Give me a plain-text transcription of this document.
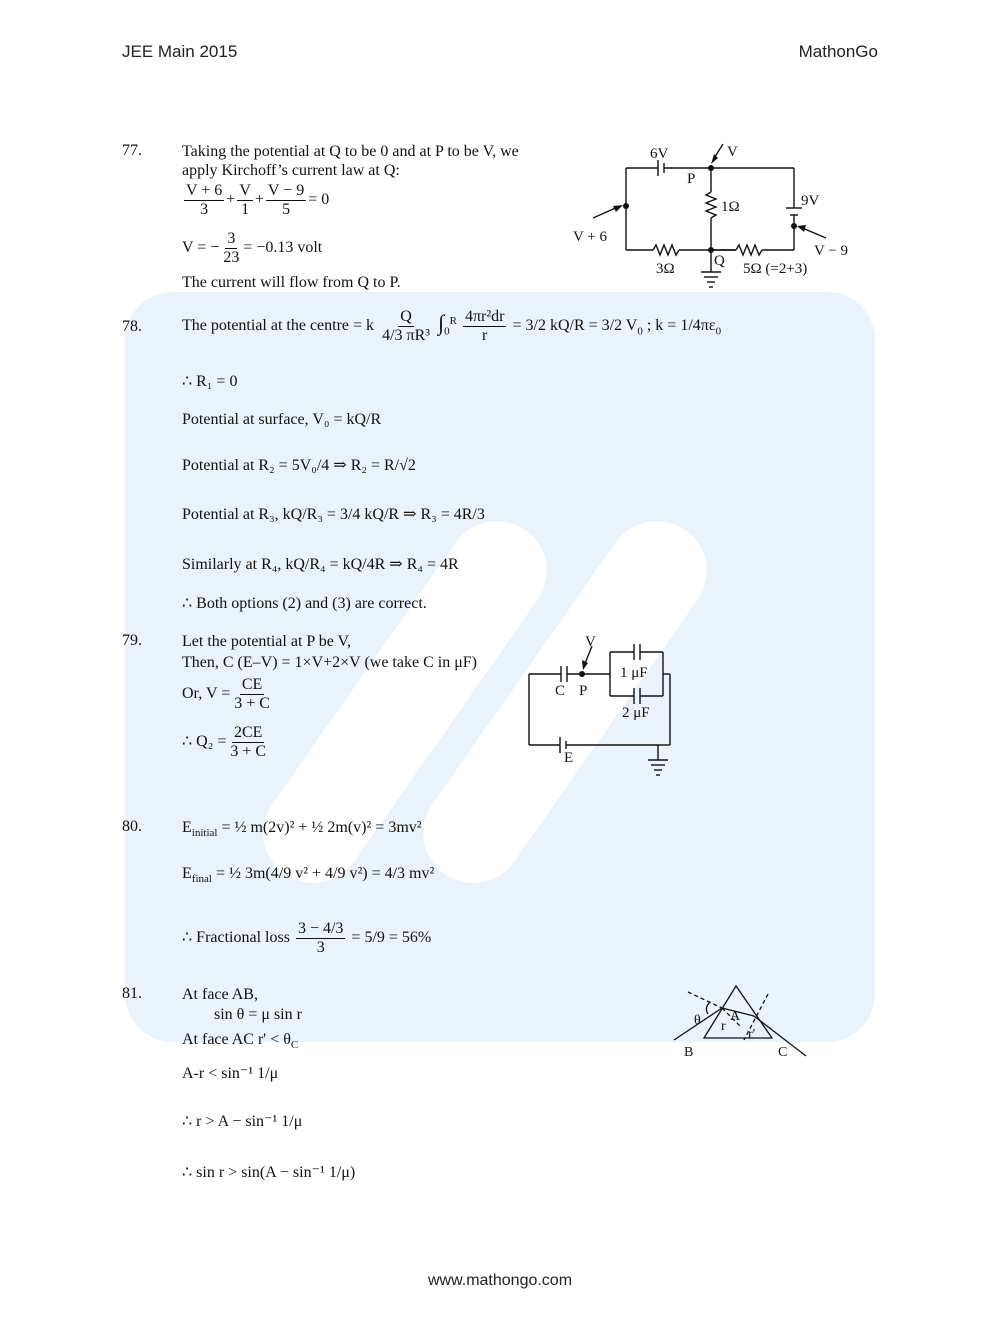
JEE Main 2015	MathonGo
77.	Taking the potential at Q to be 0 and at P to be V, we
apply Kirchoff’s current law at Q:
$\frac{V + 6}{3} + \frac{V}{1} + \frac{V - 9}{5} = 0$
V = − $\frac{3}{23} = -0.13$ volt
The current will flow from Q to P.
6V
P
V
1Ω	9V
V + 6
V − 9
3Ω	Q 5Ω (=2+3)
78.	The potential at the centre = k $\frac{Q}{\text{4/3 πR³}} \int_0^R \frac{\text{4πr²dr}}{r} = 3/2$ kQ/R = 3/2 $V_0$ ; $k = 1/4\pi\varepsilon_0$
∴ R₁ = 0
Potential at surface, V₀ = kQ/R
Potential at R₂ = 5V₀/4 ⇒ R₂ = R/√2
Potential at R₃, kQ/R₃ = 3/4 kQ/R ⇒ R₃ = 4R/3
Similarly at R₄, kQ/R₄ = kQ/4R ⇒ R₄ = 4R
∴ Both options (2) and (3) are correct.
79.	Let the potential at P be V,
Then, C (E–V) = 1×V+2×V (we take C in μF)
Or, $V = \frac{CE}{3 + C}$
∴ $Q_2 = \frac{2CE}{3 + C}$
V
C P
1 μF
2 μF
E
80.	$E_{initial}$ = ½ m(2v)² + ½ 2m(v)² = 3mv²
$E_{final}$ = ½ 3m(4/9 v² + 4/9 v²) = 4/3 mv²
∴ Fractional loss $\frac{3 - 4/3}{3} = 5/9 = 56\%$
81.	At face AB,
sin θ = μ sin r
At face AC $r' < \theta_C$
A-r < sin⁻¹ 1/μ
∴ r > A − sin⁻¹ 1/μ
∴ sin r > sin(A − sin⁻¹ 1/μ)
θ A
r
r'
B	C
www.mathongo.com
